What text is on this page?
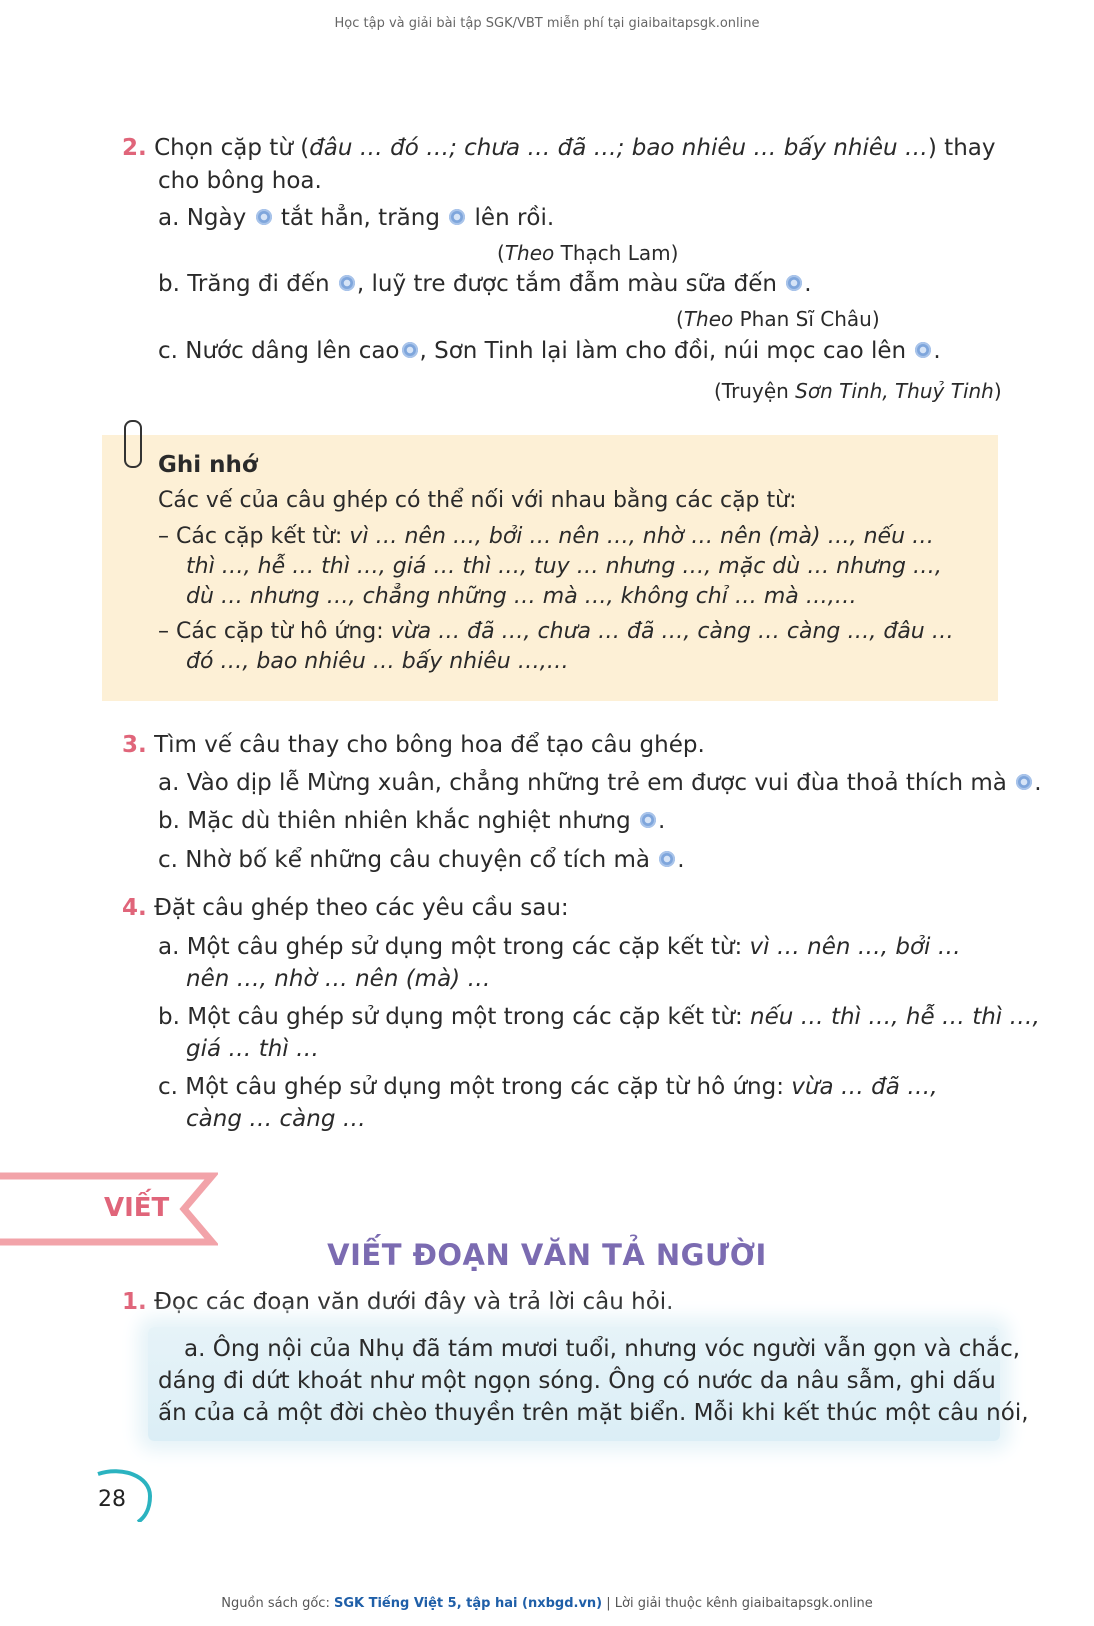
Học tập và giải bài tập SGK/VBT miễn phí tại giaibaitapsgk.online
2. Chọn cặp từ (đâu … đó …; chưa … đã …; bao nhiêu … bấy nhiêu …) thay
cho bông hoa.
a. Ngày  tắt hẳn, trăng  lên rồi.
(Theo Thạch Lam)
b. Trăng đi đến , luỹ tre được tắm đẫm màu sữa đến .
(Theo Phan Sĩ Châu)
c. Nước dâng lên cao , Sơn Tinh lại làm cho đồi, núi mọc cao lên .
(Truyện Sơn Tinh, Thuỷ Tinh)
Ghi nhớ
Các vế của câu ghép có thể nối với nhau bằng các cặp từ:
– Các cặp kết từ: vì … nên …, bởi … nên …, nhờ … nên (mà) …, nếu …
thì …, hễ … thì …, giá … thì …, tuy … nhưng …, mặc dù … nhưng …,
dù … nhưng …, chẳng những … mà …, không chỉ … mà …,…
– Các cặp từ hô ứng: vừa … đã …, chưa … đã …, càng … càng …, đâu …
đó …, bao nhiêu … bấy nhiêu …,…
3. Tìm vế câu thay cho bông hoa để tạo câu ghép.
a. Vào dịp lễ Mừng xuân, chẳng những trẻ em được vui đùa thoả thích mà .
b. Mặc dù thiên nhiên khắc nghiệt nhưng .
c. Nhờ bố kể những câu chuyện cổ tích mà .
4. Đặt câu ghép theo các yêu cầu sau:
a. Một câu ghép sử dụng một trong các cặp kết từ: vì … nên …, bởi …
nên …, nhờ … nên (mà) …
b. Một câu ghép sử dụng một trong các cặp kết từ: nếu … thì …, hễ … thì …,
giá … thì …
c. Một câu ghép sử dụng một trong các cặp từ hô ứng: vừa … đã …,
càng … càng …
VIẾT
VIẾT ĐOẠN VĂN TẢ NGƯỜI
1. Đọc các đoạn văn dưới đây và trả lời câu hỏi.
a. Ông nội của Nhụ đã tám mươi tuổi, nhưng vóc người vẫn gọn và chắc,
dáng đi dứt khoát như một ngọn sóng. Ông có nước da nâu sẫm, ghi dấu
ấn của cả một đời chèo thuyền trên mặt biển. Mỗi khi kết thúc một câu nói,
28
Nguồn sách gốc: SGK Tiếng Việt 5, tập hai (nxbgd.vn) | Lời giải thuộc kênh giaibaitapsgk.online
